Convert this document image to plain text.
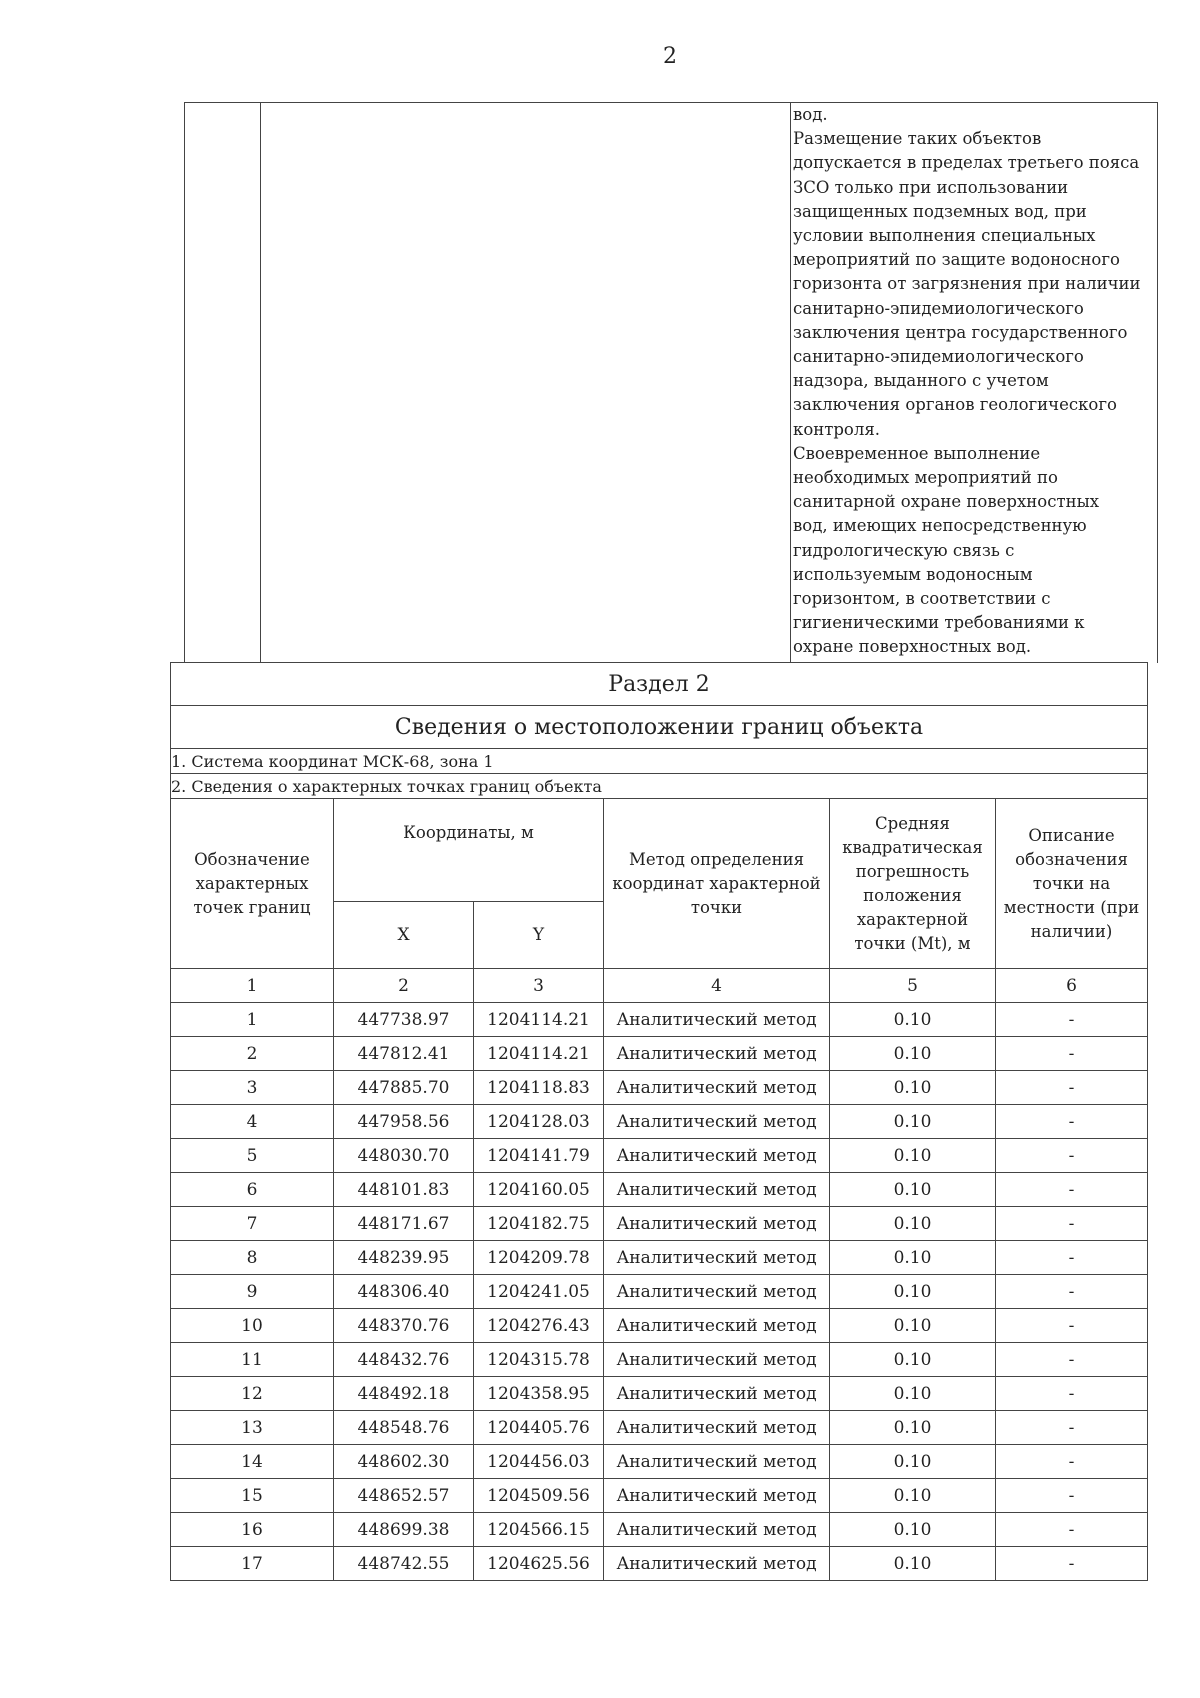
2
вод.
Размещение таких объектов
допускается в пределах третьего пояса
ЗСО только при использовании
защищенных подземных вод, при
условии выполнения специальных
мероприятий по защите водоносного
горизонта от загрязнения при наличии
санитарно-эпидемиологического
заключения центра государственного
санитарно-эпидемиологического
надзора, выданного с учетом
заключения органов геологического
контроля.
Своевременное выполнение
необходимых мероприятий по
санитарной охране поверхностных
вод, имеющих непосредственную
гидрологическую связь с
используемым водоносным
горизонтом, в соответствии с
гигиеническими требованиями к
охране поверхностных вод.
Раздел 2					
Сведения о местоположении границ объекта					
1. Система координат МСК-68, зона 1					
2. Сведения о характерных точках границ объекта					
Обозначение характерных точек границ	Координаты, м		Метод определения координат характерной точки	Средняя квадратическая погрешность положения характерной точки (Mt), м	Описание обозначения точки на местности (при наличии)
	X	Y			
1	2	3	4	5	6
1	447738.97	1204114.21	Аналитический метод	0.10	-
2	447812.41	1204114.21	Аналитический метод	0.10	-
3	447885.70	1204118.83	Аналитический метод	0.10	-
4	447958.56	1204128.03	Аналитический метод	0.10	-
5	448030.70	1204141.79	Аналитический метод	0.10	-
6	448101.83	1204160.05	Аналитический метод	0.10	-
7	448171.67	1204182.75	Аналитический метод	0.10	-
8	448239.95	1204209.78	Аналитический метод	0.10	-
9	448306.40	1204241.05	Аналитический метод	0.10	-
10	448370.76	1204276.43	Аналитический метод	0.10	-
11	448432.76	1204315.78	Аналитический метод	0.10	-
12	448492.18	1204358.95	Аналитический метод	0.10	-
13	448548.76	1204405.76	Аналитический метод	0.10	-
14	448602.30	1204456.03	Аналитический метод	0.10	-
15	448652.57	1204509.56	Аналитический метод	0.10	-
16	448699.38	1204566.15	Аналитический метод	0.10	-
17	448742.55	1204625.56	Аналитический метод	0.10	-
